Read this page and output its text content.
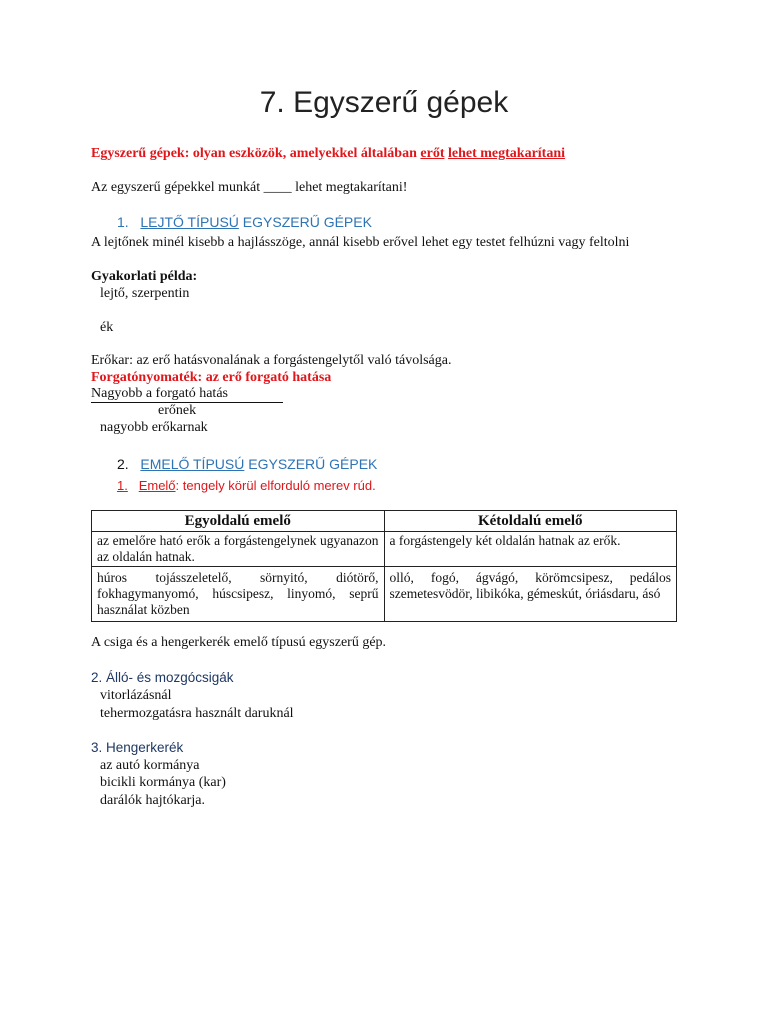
7. Egyszerű gépek
Egyszerű gépek: olyan eszközök, amelyekkel általában erőt lehet megtakarítani
Az egyszerű gépekkel munkát ____ lehet megtakarítani!
1. LEJTŐ TÍPUSÚ EGYSZERŰ GÉPEK
A lejtőnek minél kisebb a hajlásszöge, annál kisebb erővel lehet egy testet felhúzni vagy feltolni
Gyakorlati példa:
lejtő, szerpentin
ék
Erőkar: az erő hatásvonalának a forgástengelytől való távolsága.
Forgatónyomaték: az erő forgató hatása
Nagyobb a forgató hatás
erőnek
nagyobb erőkarnak
2. EMELŐ TÍPUSÚ EGYSZERŰ GÉPEK
1. Emelő: tengely körül elforduló merev rúd.
Egyoldalú emelő	Kétoldalú emelő
az emelőre ható erők a forgástengelynek ugyanazon az oldalán hatnak.	a forgástengely két oldalán hatnak az erők.
húros tojásszeletelő, sörnyitó, diótörő, fokhagymanyomó, húscsipesz, linyomó, seprű használat közben	olló, fogó, ágvágó, körömcsipesz, pedálos szemetesvödör, libikóka, gémeskút, óriásdaru, ásó
A csiga és a hengerkerék emelő típusú egyszerű gép.
2. Álló- és mozgócsigák
vitorlázásnál
tehermozgatásra használt daruknál
3. Hengerkerék
az autó kormánya
bicikli kormánya (kar)
darálók hajtókarja.
